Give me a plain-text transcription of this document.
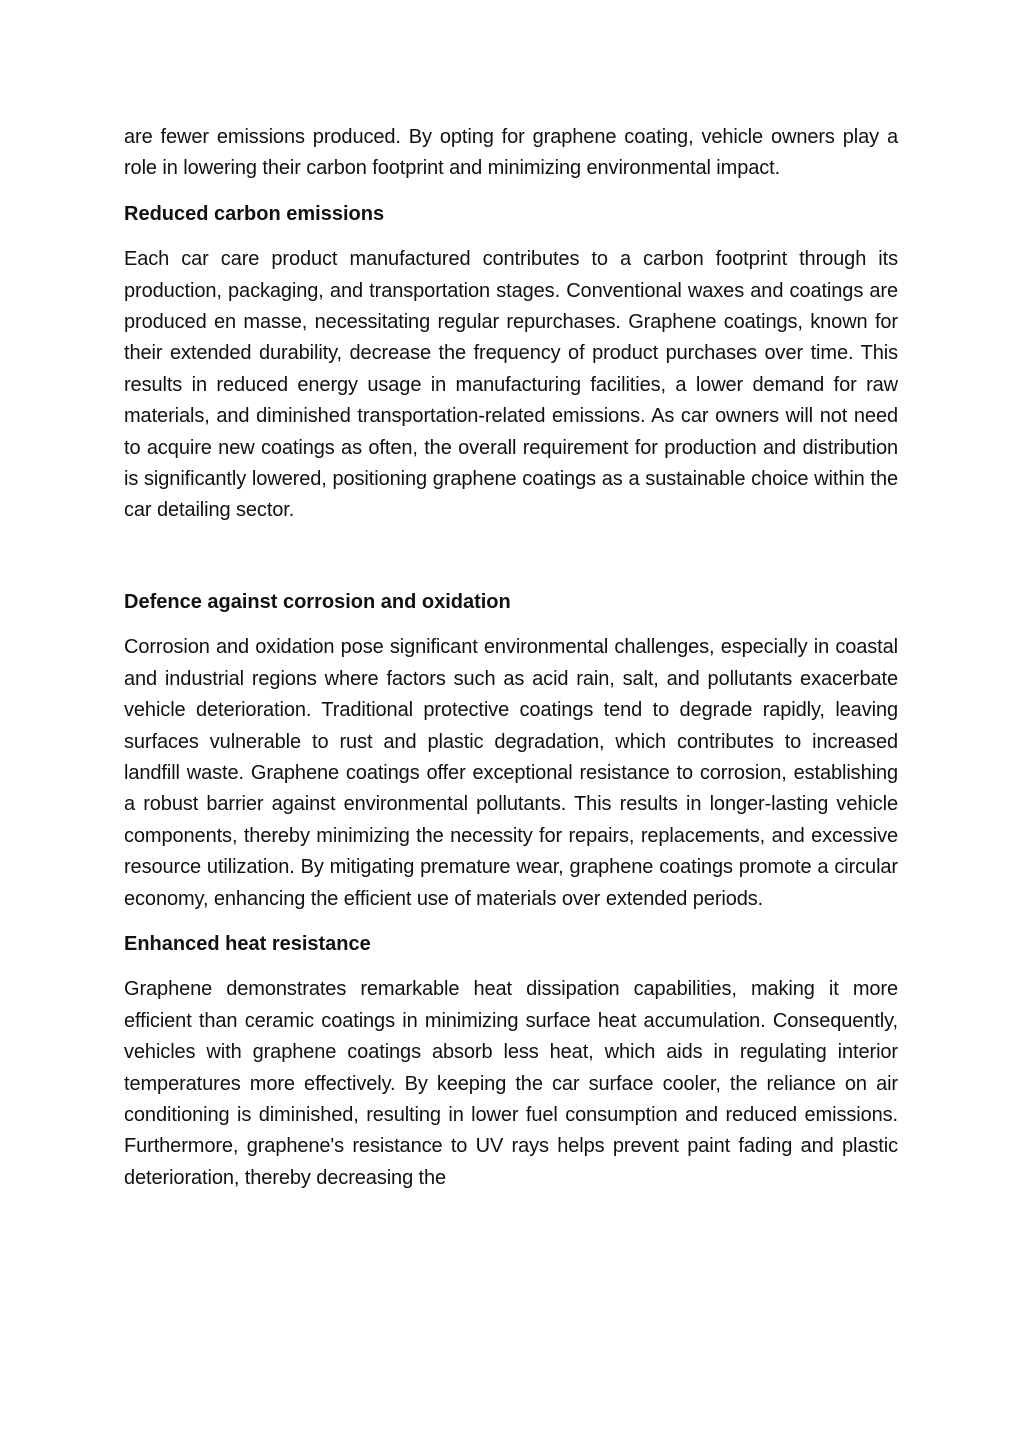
are fewer emissions produced. By opting for graphene coating, vehicle owners play a role in lowering their carbon footprint and minimizing environmental impact.

Reduced carbon emissions

Each car care product manufactured contributes to a carbon footprint through its production, packaging, and transportation stages. Conventional waxes and coatings are produced en masse, necessitating regular repurchases. Graphene coatings, known for their extended durability, decrease the frequency of product purchases over time. This results in reduced energy usage in manufacturing facilities, a lower demand for raw materials, and diminished transportation-related emissions. As car owners will not need to acquire new coatings as often, the overall requirement for production and distribution is significantly lowered, positioning graphene coatings as a sustainable choice within the car detailing sector.

Defence against corrosion and oxidation

Corrosion and oxidation pose significant environmental challenges, especially in coastal and industrial regions where factors such as acid rain, salt, and pollutants exacerbate vehicle deterioration. Traditional protective coatings tend to degrade rapidly, leaving surfaces vulnerable to rust and plastic degradation, which contributes to increased landfill waste. Graphene coatings offer exceptional resistance to corrosion, establishing a robust barrier against environmental pollutants. This results in longer-lasting vehicle components, thereby minimizing the necessity for repairs, replacements, and excessive resource utilization. By mitigating premature wear, graphene coatings promote a circular economy, enhancing the efficient use of materials over extended periods.

Enhanced heat resistance

Graphene demonstrates remarkable heat dissipation capabilities, making it more efficient than ceramic coatings in minimizing surface heat accumulation. Consequently, vehicles with graphene coatings absorb less heat, which aids in regulating interior temperatures more effectively. By keeping the car surface cooler, the reliance on air conditioning is diminished, resulting in lower fuel consumption and reduced emissions. Furthermore, graphene's resistance to UV rays helps prevent paint fading and plastic deterioration, thereby decreasing the
